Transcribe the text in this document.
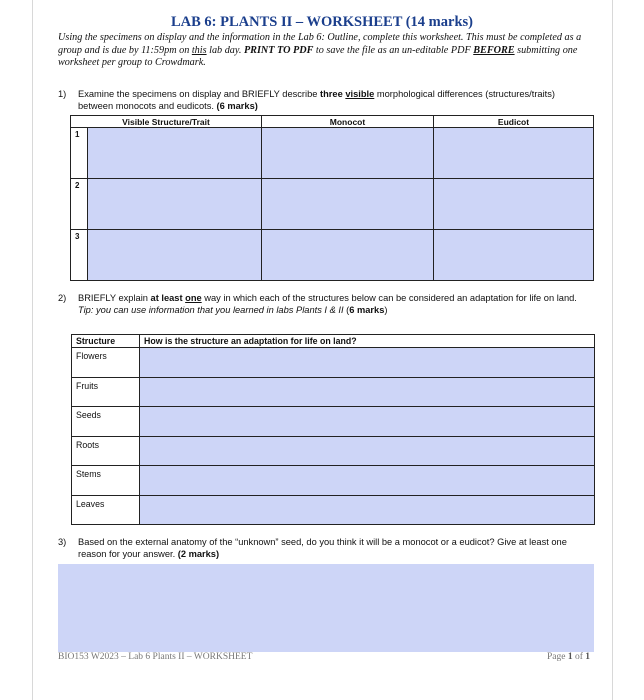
LAB 6: PLANTS II – WORKSHEET (14 marks)
Using the specimens on display and the information in the Lab 6: Outline, complete this worksheet. This must be completed as a group and is due by 11:59pm on this lab day. PRINT TO PDF to save the file as an un-editable PDF BEFORE submitting one worksheet per group to Crowdmark.
1) Examine the specimens on display and BRIEFLY describe three visible morphological differences (structures/traits) between monocots and eudicots. (6 marks)
Visible Structure/Trait		Monocot	Eudicot
1			
2			
3			
2) BRIEFLY explain at least one way in which each of the structures below can be considered an adaptation for life on land. Tip: you can use information that you learned in labs Plants I & II (6 marks)
Structure	How is the structure an adaptation for life on land?
Flowers	
Fruits	
Seeds	
Roots	
Stems	
Leaves	
3) Based on the external anatomy of the “unknown” seed, do you think it will be a monocot or a eudicot? Give at least one reason for your answer. (2 marks)
BIO153 W2023 – Lab 6 Plants II – WORKSHEET	Page 1 of 1
